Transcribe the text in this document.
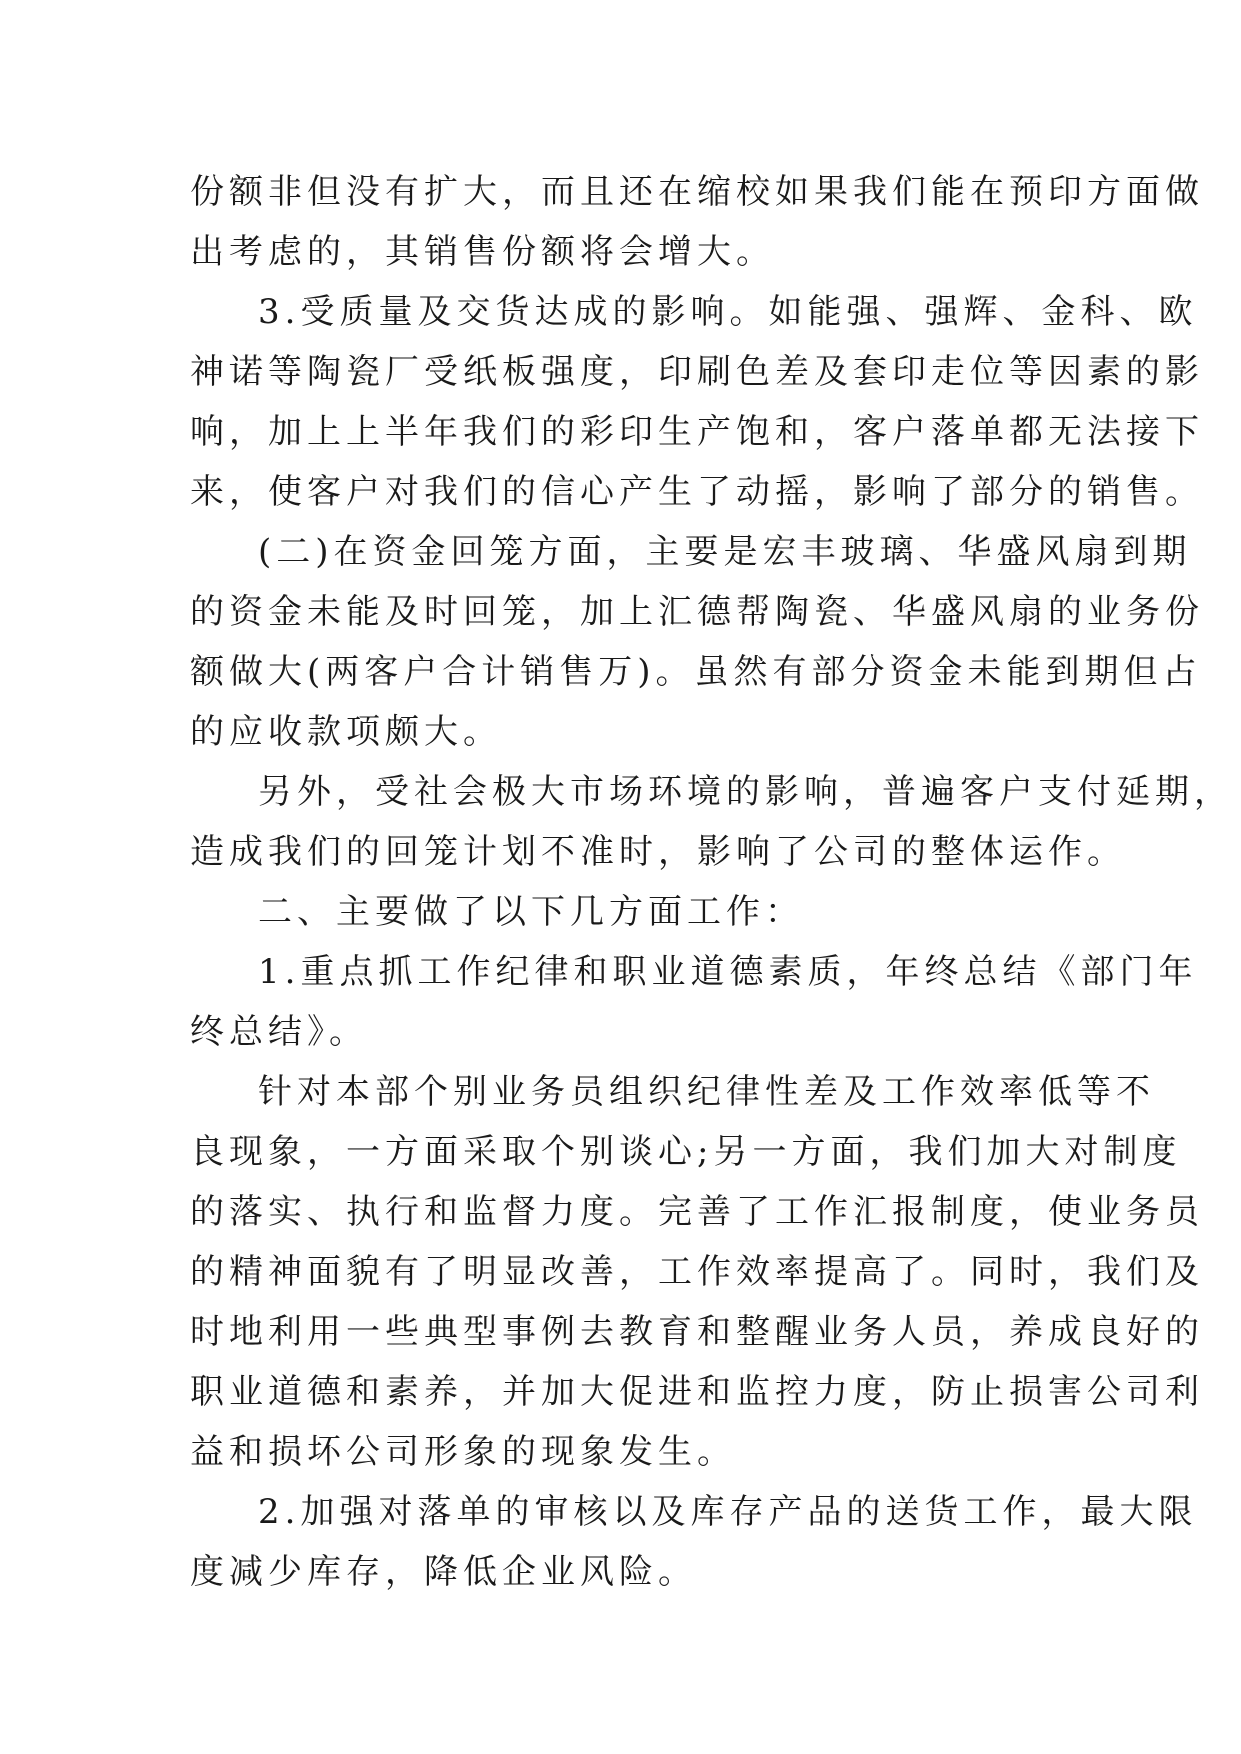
份额非但没有扩大，而且还在缩校如果我们能在预印方面做
出考虑的，其销售份额将会增大。
3.受质量及交货达成的影响。如能强、强辉、金科、欧
神诺等陶瓷厂受纸板强度，印刷色差及套印走位等因素的影
响，加上上半年我们的彩印生产饱和，客户落单都无法接下
来，使客户对我们的信心产生了动摇，影响了部分的销售。
(二)在资金回笼方面，主要是宏丰玻璃、华盛风扇到期
的资金未能及时回笼，加上汇德帮陶瓷、华盛风扇的业务份
额做大(两客户合计销售万)。虽然有部分资金未能到期但占
的应收款项颇大。
另外，受社会极大市场环境的影响，普遍客户支付延期，
造成我们的回笼计划不准时，影响了公司的整体运作。
二、主要做了以下几方面工作：
1.重点抓工作纪律和职业道德素质，年终总结《部门年
终总结》。
针对本部个别业务员组织纪律性差及工作效率低等不
良现象，一方面采取个别谈心;另一方面，我们加大对制度
的落实、执行和监督力度。完善了工作汇报制度，使业务员
的精神面貌有了明显改善，工作效率提高了。同时，我们及
时地利用一些典型事例去教育和整醒业务人员，养成良好的
职业道德和素养，并加大促进和监控力度，防止损害公司利
益和损坏公司形象的现象发生。
2.加强对落单的审核以及库存产品的送货工作，最大限
度减少库存，降低企业风险。
